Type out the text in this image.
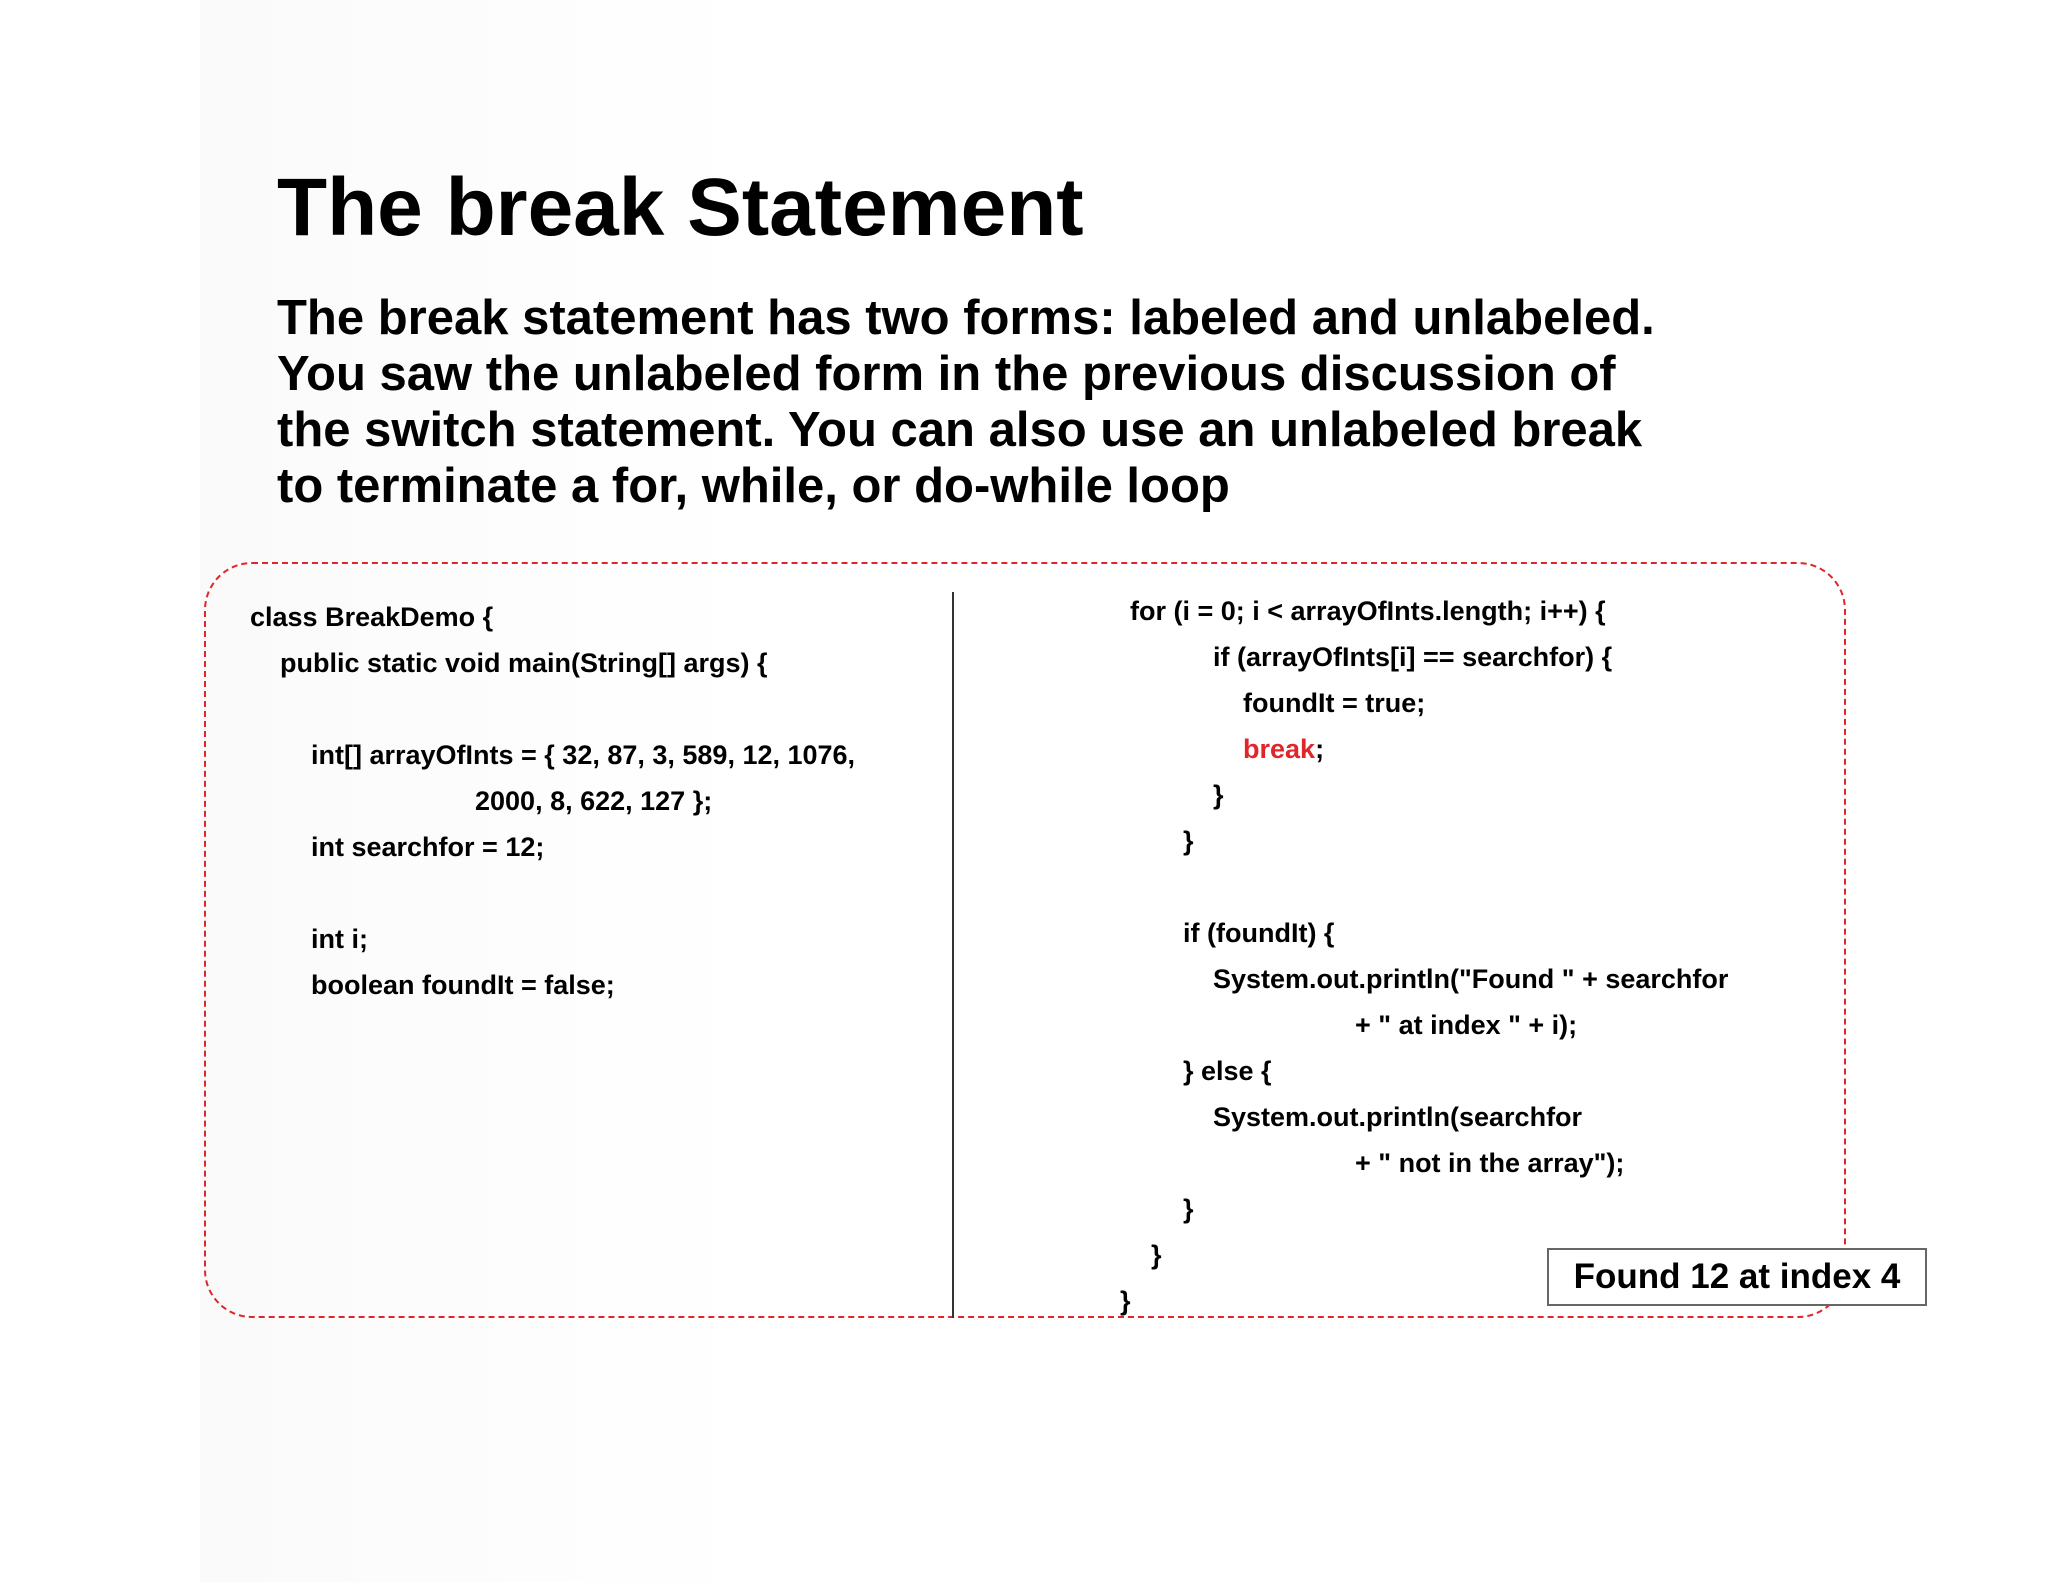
The break Statement

The break statement has two forms: labeled and unlabeled.
You saw the unlabeled form in the previous discussion of
the switch statement. You can also use an unlabeled break
to terminate a for, while, or do-while loop

class BreakDemo {
public static void main(String[] args) {
int[] arrayOfInts = { 32, 87, 3, 589, 12, 1076,
2000, 8, 622, 127 };
int searchfor = 12;
int i;
boolean foundIt = false;
for (i = 0; i < arrayOfInts.length; i++) {
if (arrayOfInts[i] == searchfor) {
foundIt = true;
break;
}
}
if (foundIt) {
System.out.println("Found " + searchfor
+ " at index " + i);
} else {
System.out.println(searchfor
+ " not in the array");
}
}
}
Found 12 at index 4
